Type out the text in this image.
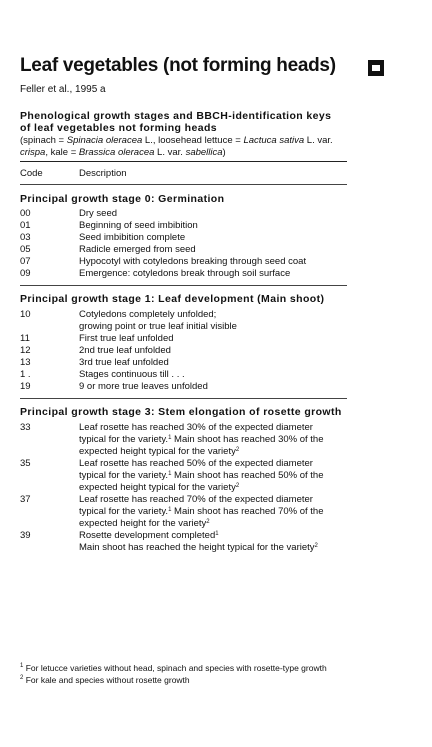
Leaf vegetables (not forming heads)
Feller et al., 1995 a
Phenological growth stages and BBCH-identification keys
of leaf vegetables not forming heads
(spinach = Spinacia oleracea L., loosehead lettuce = Lactuca sativa L. var.
crispa, kale = Brassica oleracea L. var. sabellica)
Code	Description
Principal growth stage 0: Germination
00	Dry seed
01	Beginning of seed imbibition
03	Seed imbibition complete
05	Radicle emerged from seed
07	Hypocotyl with cotyledons breaking through seed coat
09	Emergence: cotyledons break through soil surface
Principal growth stage 1: Leaf development (Main shoot)
10	Cotyledons completely unfolded;
growing point or true leaf initial visible
11	First true leaf unfolded
12	2nd true leaf unfolded
13	3rd true leaf unfolded
1 .	Stages continuous till . . .
19	9 or more true leaves unfolded
Principal growth stage 3: Stem elongation of rosette growth
33	Leaf rosette has reached 30% of the expected diameter
typical for the variety.$^1$ Main shoot has reached 30% of the
expected height typical for the variety$^2$
35	Leaf rosette has reached 50% of the expected diameter
typical for the variety.$^1$ Main shoot has reached 50% of the
expected height typical for the variety$^2$
37	Leaf rosette has reached 70% of the expected diameter
typical for the variety.$^1$ Main shoot has reached 70% of the
expected height for the variety$^2$
39	Rosette development completed$^1$
Main shoot has reached the height typical for the variety$^2$
$^1$ For letucce varieties without head, spinach and species with rosette-type growth
$^2$ For kale and species without rosette growth
